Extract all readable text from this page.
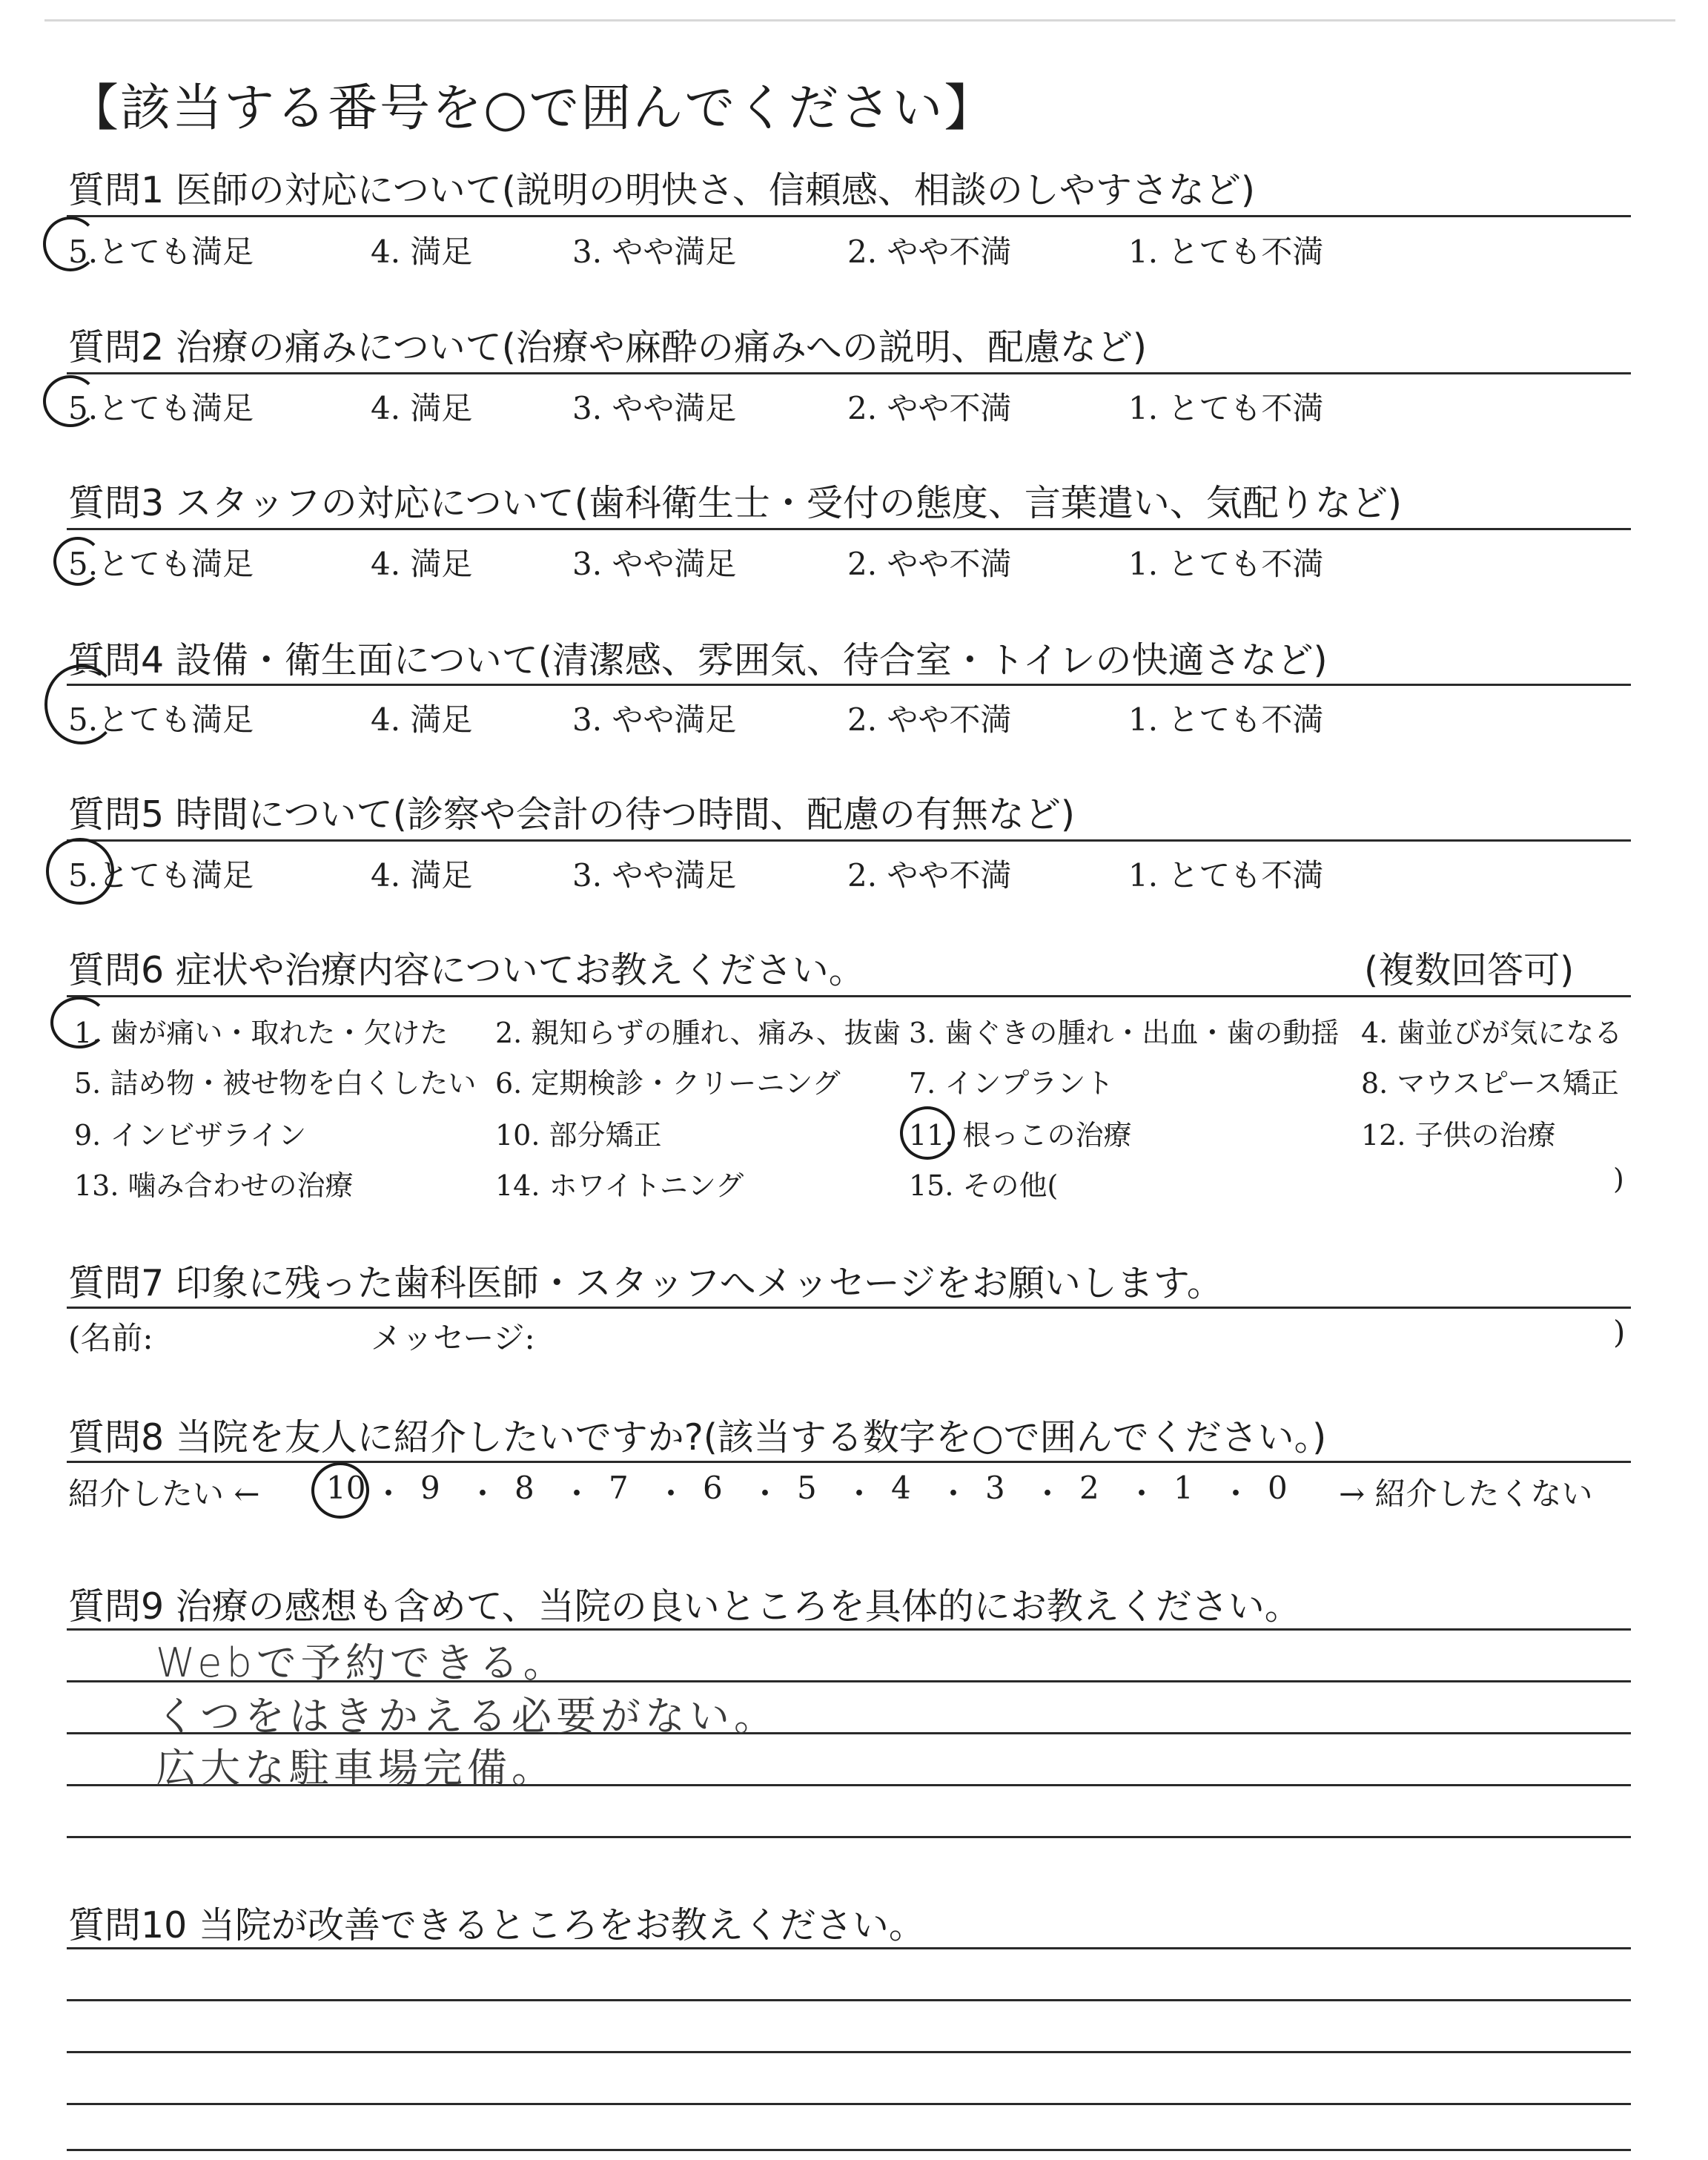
【該当する番号を○で囲んでください】
質問1 医師の対応について(説明の明快さ、信頼感、相談のしやすさなど)
5.とても満足	4. 満足	3. やや満足	2. やや不満	1. とても不満
質問2 治療の痛みについて(治療や麻酔の痛みへの説明、配慮など)
5.とても満足	4. 満足	3. やや満足	2. やや不満	1. とても不満
質問3 スタッフの対応について(歯科衛生士・受付の態度、言葉遣い、気配りなど)
5.とても満足	4. 満足	3. やや満足	2. やや不満	1. とても不満
質問4 設備・衛生面について(清潔感、雰囲気、待合室・トイレの快適さなど)
5.とても満足	4. 満足	3. やや満足	2. やや不満	1. とても不満
質問5 時間について(診察や会計の待つ時間、配慮の有無など)
5.とても満足	4. 満足	3. やや満足	2. やや不満	1. とても不満
質問6 症状や治療内容についてお教えください。	(複数回答可)
1. 歯が痛い・取れた・欠けた 2. 親知らずの腫れ、痛み、抜歯 3. 歯ぐきの腫れ・出血・歯の動揺 4. 歯並びが気になる
5. 詰め物・被せ物を白くしたい 6. 定期検診・クリーニング 7. インプラント	8. マウスピース矯正
9. インビザライン	10. 部分矯正	11. 根っこの治療	12. 子供の治療
13. 噛み合わせの治療	14. ホワイトニング	15. その他(	)
質問7 印象に残った歯科医師・スタッフへメッセージをお願いします。
(名前:	メッセージ:	)
質問8 当院を友人に紹介したいですか?(該当する数字を○で囲んでください。)
紹介したい ←	→ 紹介したくない
10 ・ 9 ・ 8 ・ 7 ・ 6 ・ 5 ・ 4 ・ 3 ・ 2 ・ 1 ・ 0
質問9 治療の感想も含めて、当院の良いところを具体的にお教えください。
Webで予約できる。
くつをはきかえる必要がない。
広大な駐車場完備。
質問10 当院が改善できるところをお教えください。
